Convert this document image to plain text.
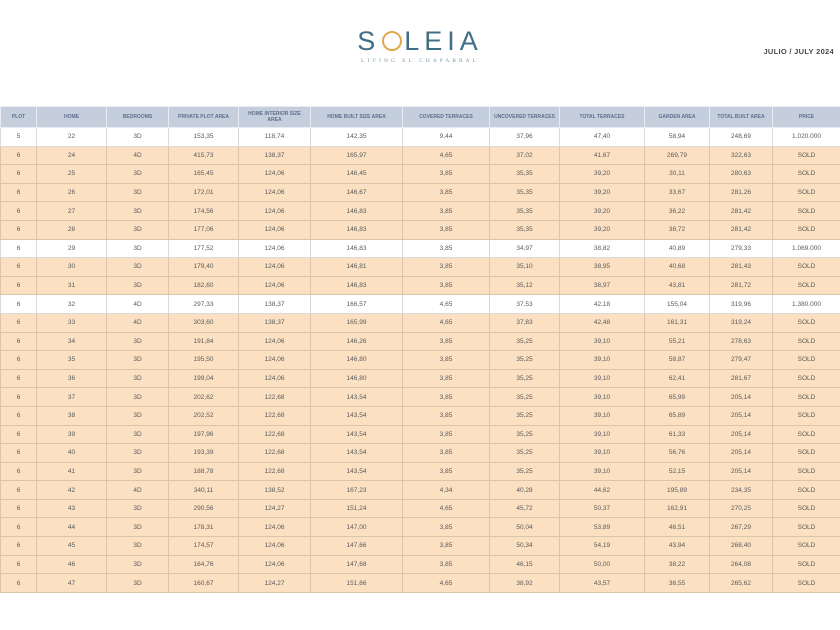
S LEIA
LIVING EL CHAPARRAL
JULIO / JULY 2024
PLOT	HOME	BEDROOMS	PRIVATE PLOT AREA	HOME INTERIOR SIZE AREA	HOME BUILT SIZE AREA	COVERED TERRACES	UNCOVERED TERRACES	TOTAL TERRACES	GARDEN AREA	TOTAL BUILT AREA	PRICE
5	22	3D	153,35	118,74	142,35	9,44	37,96	47,40	58,94	248,69	1.020.000
6	24	4D	415,73	138,37	165,97	4,65	37,02	41,67	269,79	322,63	SOLD
6	25	3D	165,45	124,06	146,45	3,85	35,35	39,20	30,11	280,63	SOLD
6	26	3D	172,01	124,06	146,67	3,85	35,35	39,20	33,67	281,26	SOLD
6	27	3D	174,56	124,06	146,83	3,85	35,35	39,20	36,22	281,42	SOLD
6	28	3D	177,06	124,06	146,83	3,85	35,35	39,20	38,72	281,42	SOLD
6	29	3D	177,52	124,06	146,83	3,85	34,97	38,82	40,89	279,33	1.069.000
6	30	3D	179,40	124,06	146,81	3,85	35,10	38,95	40,68	281,43	SOLD
6	31	3D	182,60	124,06	146,83	3,85	35,12	38,97	43,81	281,72	SOLD
6	32	4D	297,33	138,37	166,57	4,65	37,53	42,18	155,04	319,96	1.380.000
6	33	4D	303,60	138,37	165,99	4,65	37,83	42,48	161,31	319,24	SOLD
6	34	3D	191,84	124,06	146,26	3,85	35,25	39,10	55,21	278,63	SOLD
6	35	3D	195,50	124,06	146,80	3,85	35,25	39,10	58,87	279,47	SOLD
6	36	3D	199,04	124,06	146,80	3,85	35,25	39,10	62,41	281,67	SOLD
6	37	3D	202,62	122,68	143,54	3,85	35,25	39,10	65,99	205,14	SOLD
6	38	3D	202,52	122,68	143,54	3,85	35,25	39,10	65,89	205,14	SOLD
6	39	3D	197,96	122,68	143,54	3,85	35,25	39,10	61,33	205,14	SOLD
6	40	3D	193,39	122,68	143,54	3,85	35,25	39,10	56,76	205,14	SOLD
6	41	3D	188,78	122,68	143,54	3,85	35,25	39,10	52,15	205,14	SOLD
6	42	4D	340,11	138,52	167,23	4,34	40,28	44,62	195,89	234,35	SOLD
6	43	3D	290,56	124,27	151,24	4,65	45,72	50,37	162,91	270,25	SOLD
6	44	3D	178,31	124,06	147,00	3,85	50,04	53,89	48,51	267,29	SOLD
6	45	3D	174,57	124,06	147,66	3,85	50,34	54,19	43,94	268,40	SOLD
6	46	3D	164,76	124,06	147,68	3,85	46,15	50,00	38,22	264,08	SOLD
6	47	3D	160,67	124,27	151,66	4,65	38,92	43,57	38,55	265,62	SOLD
